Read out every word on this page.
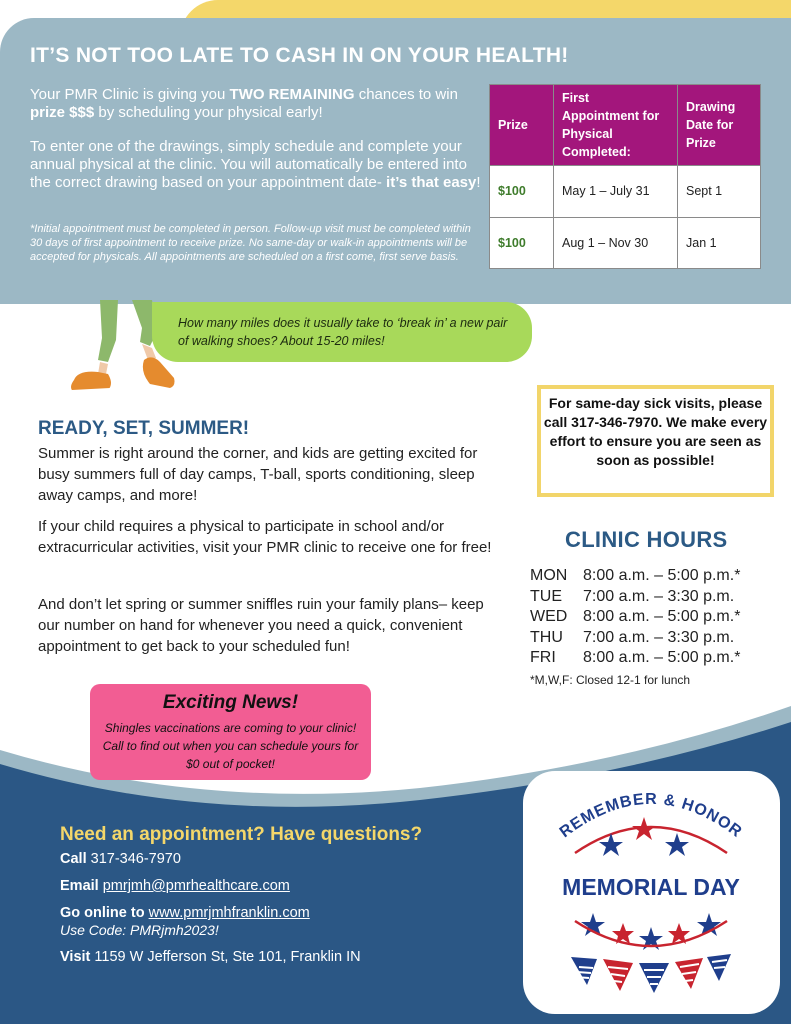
IT’S NOT TOO LATE TO CASH IN ON YOUR HEALTH!

Your PMR Clinic is giving you TWO REMAINING chances to win prize $$$ by scheduling your physical early!

To enter one of the drawings, simply schedule and complete your annual physical at the clinic. You will automatically be entered into the correct drawing based on your appointment date- it’s that easy!

*Initial appointment must be completed in person. Follow-up visit must be completed within 30 days of first appointment to receive prize. No same-day or walk-in appointments will be accepted for physicals. All appointments are scheduled on a first come, first serve basis.

Prize	First Appointment for Physical Completed:	Drawing Date for Prize
$100	May 1 – July 31	Sept 1
$100	Aug 1 – Nov 30	Jan 1

How many miles does it usually take to ‘break in’ a new pair of walking shoes? About 15-20 miles!

READY, SET, SUMMER!

Summer is right around the corner, and kids are getting excited for busy summers full of day camps, T-ball, sports conditioning, sleep away camps, and more!

If your child requires a physical to participate in school and/or extracurricular activities, visit your PMR clinic to receive one for free!

And don’t let spring or summer sniffles ruin your family plans– keep our number on hand for whenever you need a quick, convenient appointment to get back to your scheduled fun!

For same-day sick visits, please call 317-346-7970. We make every effort to ensure you are seen as soon as possible!
CLINIC HOURS
MON 8:00 a.m. – 5:00 p.m.*
TUE	7:00 a.m. – 3:30 p.m.
WED 8:00 a.m. – 5:00 p.m.*
THU	7:00 a.m. – 3:30 p.m.
FRI	8:00 a.m. – 5:00 p.m.*

*M,W,F: Closed 12-1 for lunch

Exciting News!
Shingles vaccinations are coming to your clinic! Call to find out when you can schedule yours for $0 out of pocket!
Need an appointment? Have questions?

Call 317-346-7970

Email pmrjmh@pmrhealthcare.com

Go online to www.pmrjmhfranklin.com

Use Code: PMRjmh2023!

Visit 1159 W Jefferson St, Ste 101, Franklin IN

REMEMBER & HONOR
MEMORIAL DAY
